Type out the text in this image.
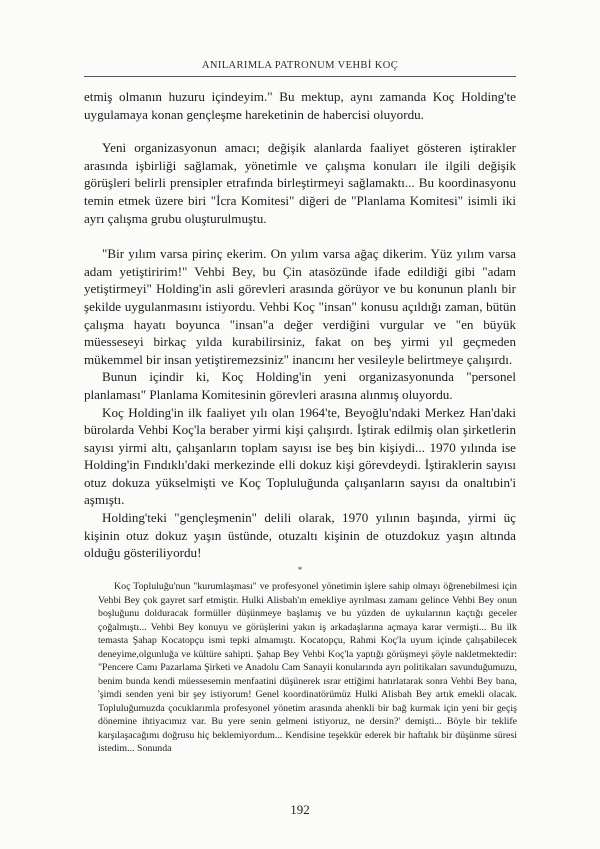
ANILARIMLA PATRONUM VEHBİ KOÇ

etmiş olmanın huzuru içindeyim." Bu mektup, aynı zamanda Koç Holding'te uygulamaya konan gençleşme hareketinin de habercisi oluyordu.

Yeni organizasyonun amacı; değişik alanlarda faaliyet gösteren iştirakler arasında işbirliği sağlamak, yönetimle ve çalışma konuları ile ilgili değişik görüşleri belirli prensipler etrafında birleştirmeyi sağlamaktı... Bu koordinasyonu temin etmek üzere biri "İcra Komitesi" diğeri de "Planlama Komitesi" isimli iki ayrı çalışma grubu oluşturulmuştu.

"Bir yılım varsa pirinç ekerim. On yılım varsa ağaç dikerim. Yüz yılım varsa adam yetiştiririm!" Vehbi Bey, bu Çin atasözünde ifade edildiği gibi "adam yetiştirmeyi" Holding'in asli görevleri arasında görüyor ve bu konunun planlı bir şekilde uygulanmasını istiyordu. Vehbi Koç "insan" konusu açıldığı zaman, bütün çalışma hayatı boyunca "insan"a değer verdiğini vurgular ve "en büyük müesseseyi birkaç yılda kurabilirsiniz, fakat on beş yirmi yıl geçmeden mükemmel bir insan yetiştiremezsiniz" inancını her vesileyle belirtmeye çalışırdı.

Bunun içindir ki, Koç Holding'in yeni organizasyonunda "personel planlaması" Planlama Komitesinin görevleri arasına alınmış oluyordu.

Koç Holding'in ilk faaliyet yılı olan 1964'te, Beyoğlu'ndaki Merkez Han'daki bürolarda Vehbi Koç'la beraber yirmi kişi çalışırdı. İştirak edilmiş olan şirketlerin sayısı yirmi altı, çalışanların toplam sayısı ise beş bin kişiydi... 1970 yılında ise Holding'in Fındıklı'daki merkezinde elli dokuz kişi görevdeydi. İştiraklerin sayısı otuz dokuza yükselmişti ve Koç Topluluğunda çalışanların sayısı da onaltıbin'i aşmıştı.

Holding'teki "gençleşmenin" delili olarak, 1970 yılının başında, yirmi üç kişinin otuz dokuz yaşın üstünde, otuzaltı kişinin de otuzdokuz yaşın altında olduğu gösteriliyordu!

*

Koç Topluluğu'nun "kurumlaşması" ve profesyonel yönetimin işlere sahip olmayı öğrenebilmesi için Vehbi Bey çok gayret sarf etmiştir. Hulki Alisbah'ın emekliye ayrılması zamanı gelince Vehbi Bey onun boşluğunu dolduracak formüller düşünmeye başlamış ve bu yüzden de uykularının kaçtığı geceler çoğalmıştı... Vehbi Bey konuyu ve görüşlerini yakın iş arkadaşlarına açmaya karar vermişti... Bu ilk temasta Şahap Kocatopçu ismi tepki almamıştı. Kocatopçu, Rahmi Koç'la uyum içinde çalışabilecek deneyime,olgunluğa ve kültüre sahipti. Şahap Bey Vehbi Koç'la yaptığı görüşmeyi şöyle nakletmektedir: "Pencere Camı Pazarlama Şirketi ve Anadolu Cam Sanayii konularında ayrı politikaları savunduğumuzu, benim bunda kendi müessesemin menfaatini düşünerek ısrar ettiğimi hatırlatarak sonra Vehbi Bey bana, 'şimdi senden yeni bir şey istiyorum! Genel koordinatörümüz Hulki Alisbah Bey artık emekli olacak. Topluluğumuzda çocuklarımla profesyonel yönetim arasında ahenkli bir bağ kurmak için yeni bir geçiş dönemine ihtiyacımız var. Bu yere senin gelmeni istiyoruz, ne dersin?' demişti... Böyle bir teklife karşılaşacağımı doğrusu hiç beklemiyordum... Kendisine teşekkür ederek bir haftalık bir düşünme süresi istedim... Sonunda

192
